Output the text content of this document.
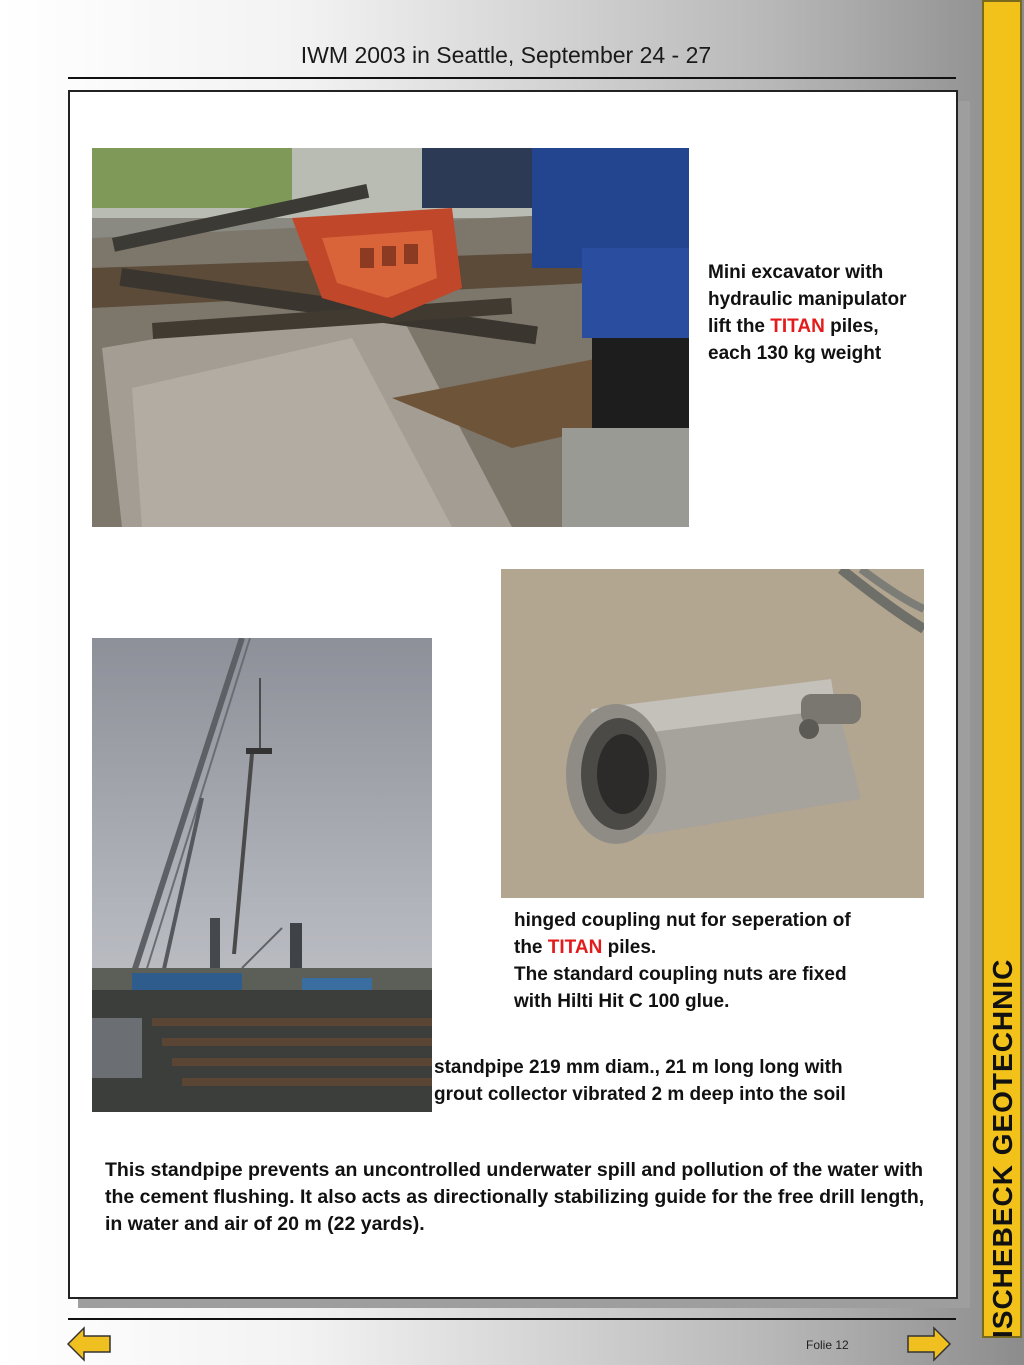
IWM 2003 in Seattle, September 24 - 27
Mini excavator with
hydraulic manipulator
lift the TITAN piles,
each 130 kg weight
hinged coupling nut for seperation of
the TITAN piles.
The standard coupling nuts are fixed
with Hilti Hit C 100 glue.
standpipe 219 mm diam., 21 m long long with
grout collector vibrated 2 m deep into the soil
This standpipe prevents an uncontrolled underwater spill and pollution of the water with the cement flushing. It also acts as directionally stabilizing guide for the free drill length, in water and air of 20 m (22 yards).
Folie 12
ISCHEBECK GEOTECHNIC
